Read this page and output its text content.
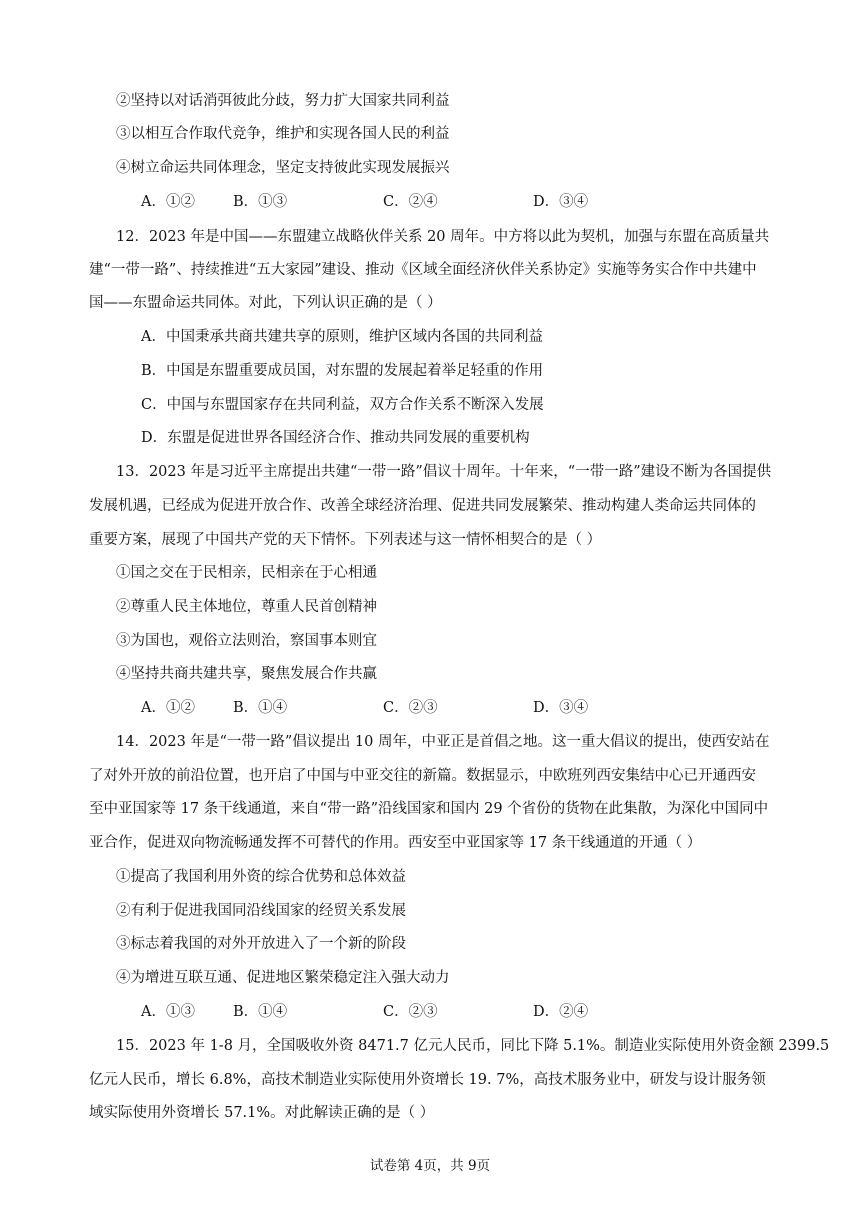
②坚持以对话消弭彼此分歧，努力扩大国家共同利益
③以相互合作取代竞争，维护和实现各国人民的利益
④树立命运共同体理念，坚定支持彼此实现发展振兴
A．①②	B．①③	C．②④	D．③④
12．2023 年是中国——东盟建立战略伙伴关系 20 周年。中方将以此为契机，加强与东盟在高质量共
建“一带一路”、持续推进“五大家园”建设、推动《区域全面经济伙伴关系协定》实施等务实合作中共建中
国——东盟命运共同体。对此，下列认识正确的是（ ）
A．中国秉承共商共建共享的原则，维护区域内各国的共同利益
B．中国是东盟重要成员国，对东盟的发展起着举足轻重的作用
C．中国与东盟国家存在共同利益，双方合作关系不断深入发展
D．东盟是促进世界各国经济合作、推动共同发展的重要机构
13．2023 年是习近平主席提出共建“一带一路”倡议十周年。十年来，“一带一路”建设不断为各国提供
发展机遇，已经成为促进开放合作、改善全球经济治理、促进共同发展繁荣、推动构建人类命运共同体的
重要方案，展现了中国共产党的天下情怀。下列表述与这一情怀相契合的是（ ）
①国之交在于民相亲，民相亲在于心相通
②尊重人民主体地位，尊重人民首创精神
③为国也，观俗立法则治，察国事本则宜
④坚持共商共建共享，聚焦发展合作共赢
A．①②	B．①④	C．②③	D．③④
14．2023 年是“一带一路”倡议提出 10 周年，中亚正是首倡之地。这一重大倡议的提出，使西安站在
了对外开放的前沿位置，也开启了中国与中亚交往的新篇。数据显示，中欧班列西安集结中心已开通西安
至中亚国家等 17 条干线通道，来自“带一路”沿线国家和国内 29 个省份的货物在此集散，为深化中国同中
亚合作，促进双向物流畅通发挥不可替代的作用。西安至中亚国家等 17 条干线通道的开通（ ）
①提高了我国利用外资的综合优势和总体效益
②有利于促进我国同沿线国家的经贸关系发展
③标志着我国的对外开放进入了一个新的阶段
④为增进互联互通、促进地区繁荣稳定注入强大动力
A．①③	B．①④	C．②③	D．②④
15．2023 年 1-8 月，全国吸收外资 8471.7 亿元人民币，同比下降 5.1%。制造业实际使用外资金额 2399.5
亿元人民币，增长 6.8%，高技术制造业实际使用外资增长 19. 7%，高技术服务业中，研发与设计服务领
域实际使用外资增长 57.1%。对此解读正确的是（ ）
试卷第 4页，共 9页
